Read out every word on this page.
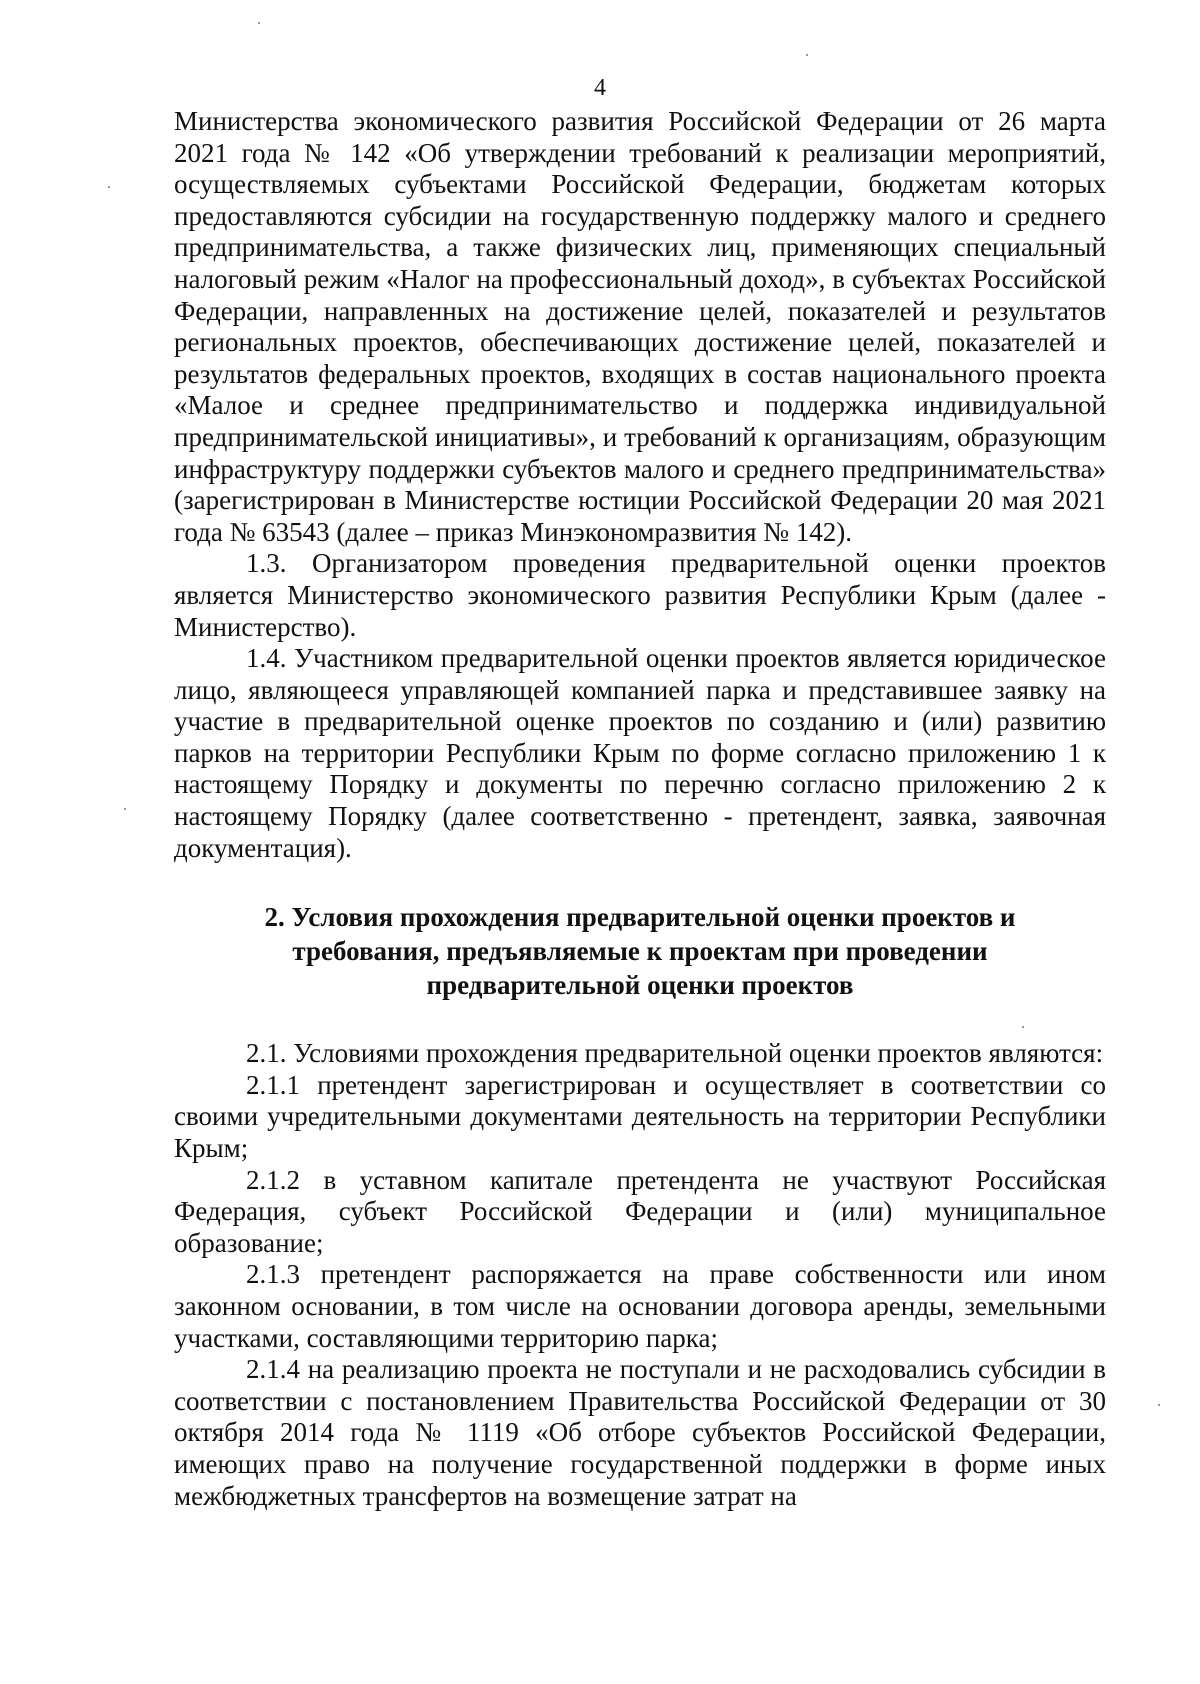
4

Министерства экономического развития Российской Федерации от 26 марта 2021 года № 142 «Об утверждении требований к реализации мероприятий, осуществляемых субъектами Российской Федерации, бюджетам которых предоставляются субсидии на государственную поддержку малого и среднего предпринимательства, а также физических лиц, применяющих специальный налоговый режим «Налог на профессиональный доход», в субъектах Российской Федерации, направленных на достижение целей, показателей и результатов региональных проектов, обеспечивающих достижение целей, показателей и результатов федеральных проектов, входящих в состав национального проекта «Малое и среднее предпринимательство и поддержка индивидуальной предпринимательской инициативы», и требований к организациям, образующим инфраструктуру поддержки субъектов малого и среднего предпринимательства» (зарегистрирован в Министерстве юстиции Российской Федерации 20 мая 2021 года № 63543 (далее – приказ Минэкономразвития № 142).

1.3. Организатором проведения предварительной оценки проектов является Министерство экономического развития Республики Крым (далее - Министерство).

1.4. Участником предварительной оценки проектов является юридическое лицо, являющееся управляющей компанией парка и представившее заявку на участие в предварительной оценке проектов по созданию и (или) развитию парков на территории Республики Крым по форме согласно приложению 1 к настоящему Порядку и документы по перечню согласно приложению 2 к настоящему Порядку (далее соответственно - претендент, заявка, заявочная документация).

2. Условия прохождения предварительной оценки проектов и
требования, предъявляемые к проектам при проведении
предварительной оценки проектов

2.1. Условиями прохождения предварительной оценки проектов являются:

2.1.1 претендент зарегистрирован и осуществляет в соответствии со своими учредительными документами деятельность на территории Республики Крым;

2.1.2 в уставном капитале претендента не участвуют Российская Федерация, субъект Российской Федерации и (или) муниципальное образование;

2.1.3 претендент распоряжается на праве собственности или ином законном основании, в том числе на основании договора аренды, земельными участками, составляющими территорию парка;

2.1.4 на реализацию проекта не поступали и не расходовались субсидии в соответствии с постановлением Правительства Российской Федерации от 30 октября 2014 года № 1119 «Об отборе субъектов Российской Федерации, имеющих право на получение государственной поддержки в форме иных межбюджетных трансфертов на возмещение затрат на
